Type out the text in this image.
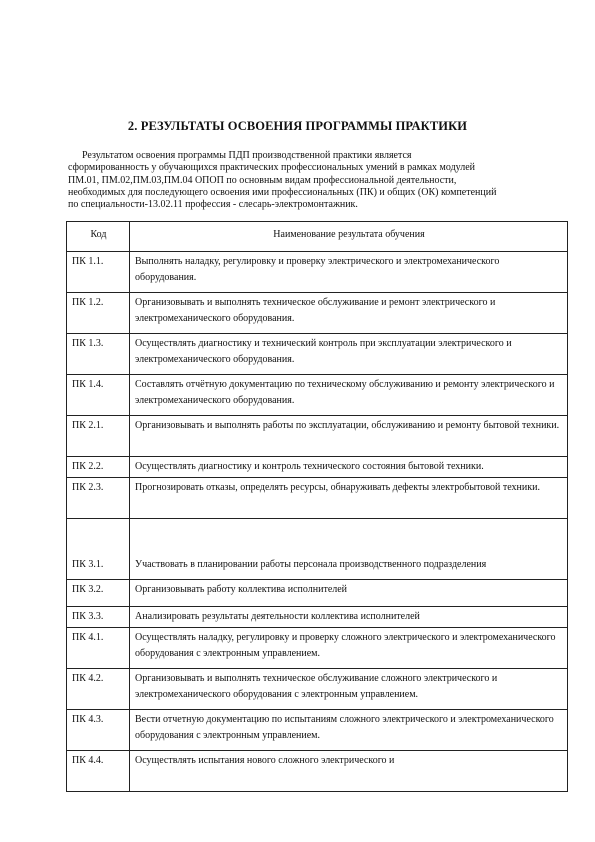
2. РЕЗУЛЬТАТЫ ОСВОЕНИЯ ПРОГРАММЫ ПРАКТИКИ
Результатом освоения программы ПДП производственной практики является
сформированность у обучающихся практических профессиональных умений в рамках модулей
ПМ.01, ПМ.02,ПМ.03,ПМ.04 ОПОП по основным видам профессиональной деятельности,
необходимых для последующего освоения ими профессиональных (ПК) и общих (ОК) компетенций
по специальности-13.02.11 профессия - слесарь-электромонтажник.
Код	Наименование результата обучения
ПК 1.1.	Выполнять наладку, регулировку и проверку электрического и электромеханического оборудования.
ПК 1.2.	Организовывать и выполнять техническое обслуживание и ремонт электрического и электромеханического оборудования.
ПК 1.3.	Осуществлять диагностику и технический контроль при эксплуатации электрического и электромеханического оборудования.
ПК 1.4.	Составлять отчётную документацию по техническому обслуживанию и ремонту электрического и электромеханического оборудования.
ПК 2.1.	Организовывать и выполнять работы по эксплуатации, обслуживанию и ремонту бытовой техники.
ПК 2.2.	Осуществлять диагностику и контроль технического состояния бытовой техники.
ПК 2.3.	Прогнозировать отказы, определять ресурсы, обнаруживать дефекты электробытовой техники.
ПК 3.1.	Участвовать в планировании работы персонала производственного подразделения
ПК 3.2.	Организовывать работу коллектива исполнителей
ПК 3.3.	Анализировать результаты деятельности коллектива исполнителей
ПК 4.1.	Осуществлять наладку, регулировку и проверку сложного электрического и электромеханического оборудования с электронным управлением.
ПК 4.2.	Организовывать и выполнять техническое обслуживание сложного электрического и электромеханического оборудования с электронным управлением.
ПК 4.3.	Вести отчетную документацию по испытаниям сложного электрического и электромеханического оборудования с электронным управлением.
ПК 4.4.	Осуществлять испытания нового сложного электрического и
